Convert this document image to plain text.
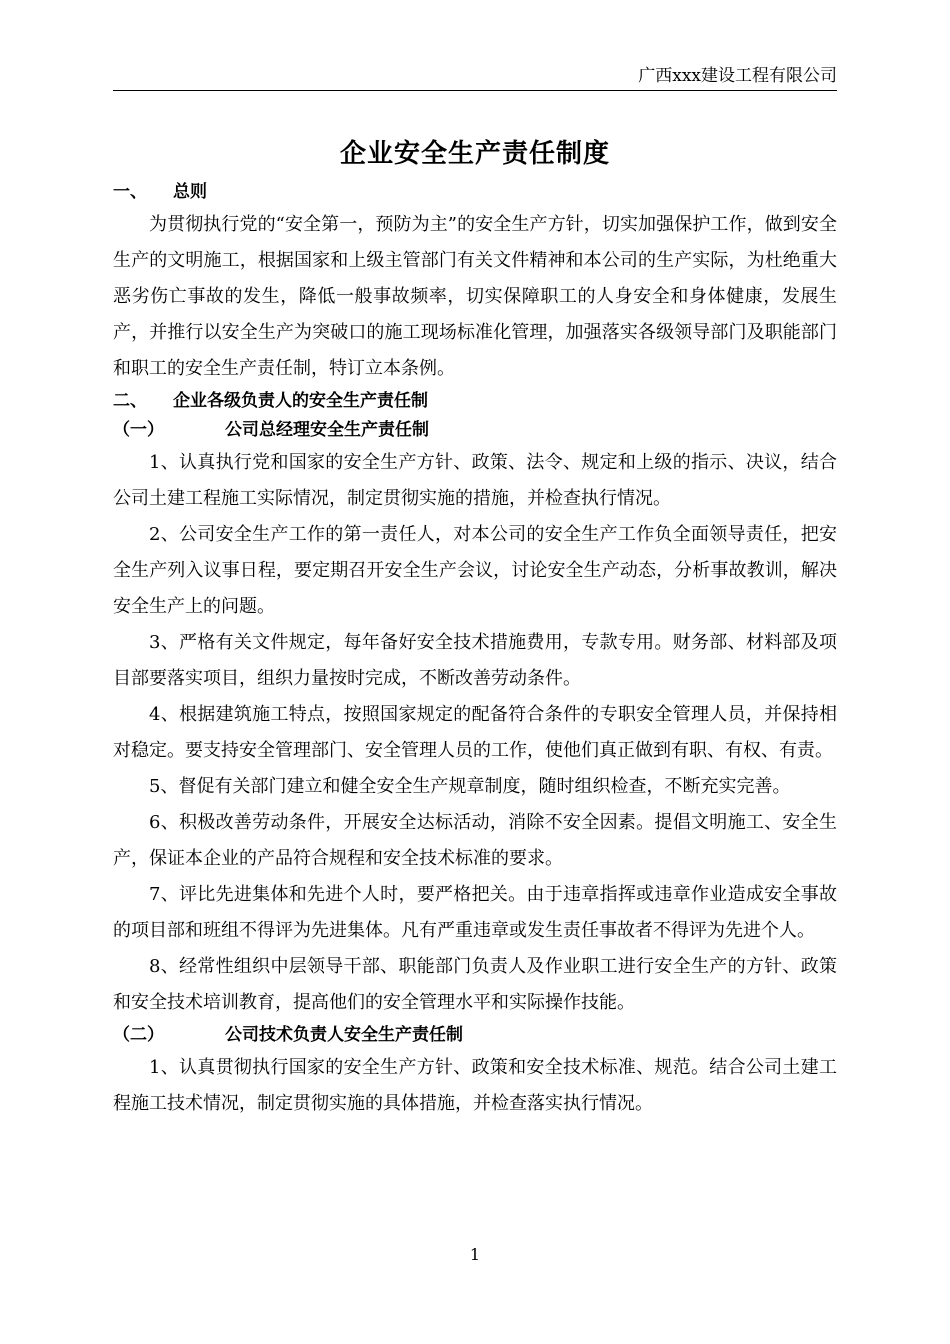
广西xxx建设工程有限公司
企业安全生产责任制度
一、 总则

为贯彻执行党的“安全第一，预防为主”的安全生产方针，切实加强保护工作，做到安全生产的文明施工，根据国家和上级主管部门有关文件精神和本公司的生产实际，为杜绝重大恶劣伤亡事故的发生，降低一般事故频率，切实保障职工的人身安全和身体健康，发展生产，并推行以安全生产为突破口的施工现场标准化管理，加强落实各级领导部门及职能部门和职工的安全生产责任制，特订立本条例。

二、 企业各级负责人的安全生产责任制
（一）	公司总经理安全生产责任制

1、认真执行党和国家的安全生产方针、政策、法令、规定和上级的指示、决议，结合公司土建工程施工实际情况，制定贯彻实施的措施，并检查执行情况。

2、公司安全生产工作的第一责任人，对本公司的安全生产工作负全面领导责任，把安全生产列入议事日程，要定期召开安全生产会议，讨论安全生产动态，分析事故教训，解决安全生产上的问题。

3、严格有关文件规定，每年备好安全技术措施费用，专款专用。财务部、材料部及项目部要落实项目，组织力量按时完成，不断改善劳动条件。

4、根据建筑施工特点，按照国家规定的配备符合条件的专职安全管理人员，并保持相对稳定。要支持安全管理部门、安全管理人员的工作，使他们真正做到有职、有权、有责。

5、督促有关部门建立和健全安全生产规章制度，随时组织检查，不断充实完善。

6、积极改善劳动条件，开展安全达标活动，消除不安全因素。提倡文明施工、安全生产，保证本企业的产品符合规程和安全技术标准的要求。

7、评比先进集体和先进个人时，要严格把关。由于违章指挥或违章作业造成安全事故的项目部和班组不得评为先进集体。凡有严重违章或发生责任事故者不得评为先进个人。

8、经常性组织中层领导干部、职能部门负责人及作业职工进行安全生产的方针、政策和安全技术培训教育，提高他们的安全管理水平和实际操作技能。

（二）	公司技术负责人安全生产责任制

1、认真贯彻执行国家的安全生产方针、政策和安全技术标准、规范。结合公司土建工程施工技术情况，制定贯彻实施的具体措施，并检查落实执行情况。

1
